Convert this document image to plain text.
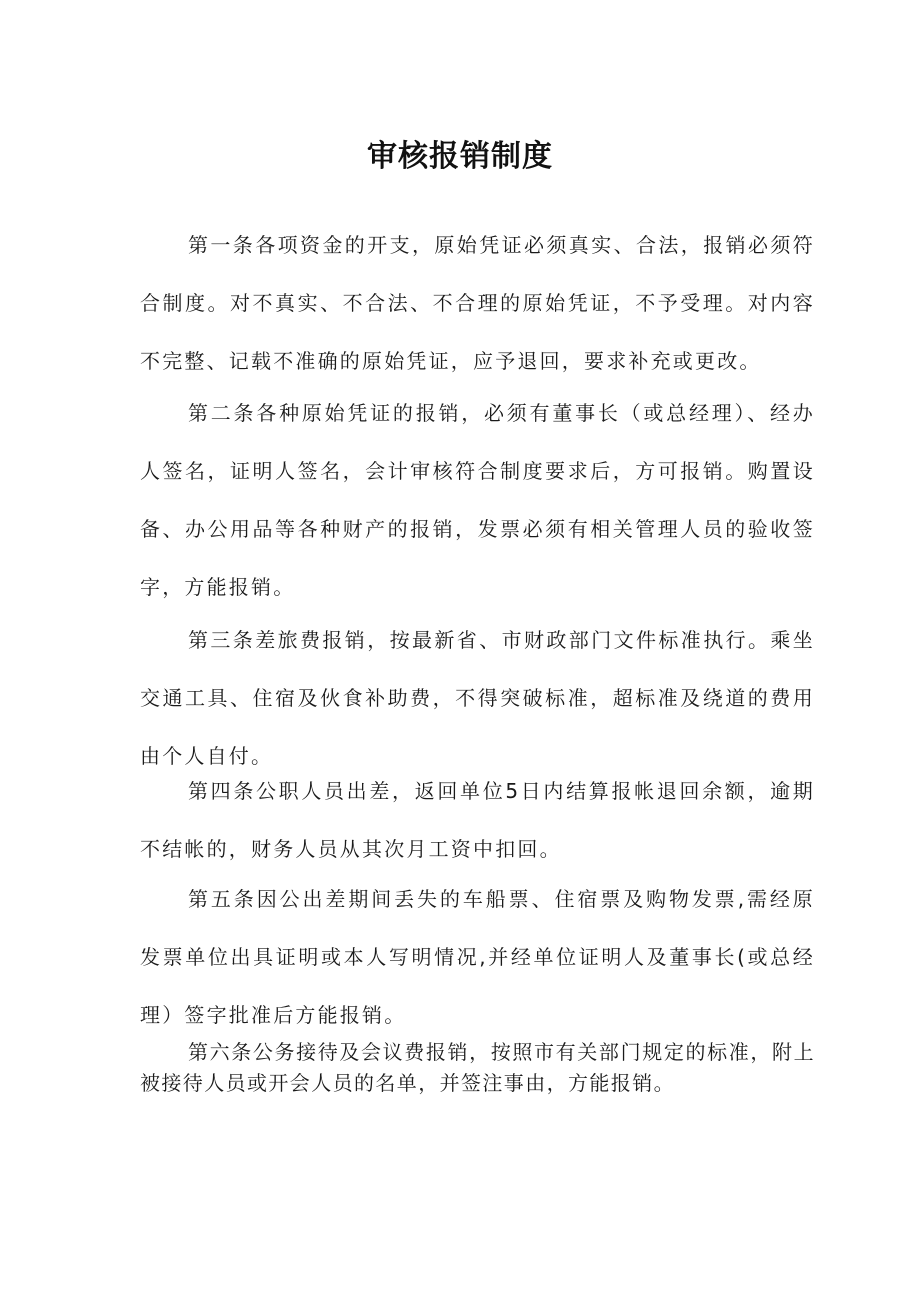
审核报销制度

第一条各项资金的开支，原始凭证必须真实、合法，报销必须符合制度。对不真实、不合法、不合理的原始凭证，不予受理。对内容不完整、记载不准确的原始凭证，应予退回，要求补充或更改。

第二条各种原始凭证的报销，必须有董事长（或总经理）、经办人签名，证明人签名，会计审核符合制度要求后，方可报销。购置设备、办公用品等各种财产的报销，发票必须有相关管理人员的验收签字，方能报销。

第三条差旅费报销，按最新省、市财政部门文件标准执行。乘坐交通工具、住宿及伙食补助费，不得突破标准，超标准及绕道的费用由个人自付。

第四条公职人员出差，返回单位5日内结算报帐退回余额，逾期不结帐的，财务人员从其次月工资中扣回。

第五条因公出差期间丢失的车船票、住宿票及购物发票,需经原发票单位出具证明或本人写明情况,并经单位证明人及董事长(或总经理）签字批准后方能报销。

第六条公务接待及会议费报销，按照市有关部门规定的标准，附上被接待人员或开会人员的名单，并签注事由，方能报销。
